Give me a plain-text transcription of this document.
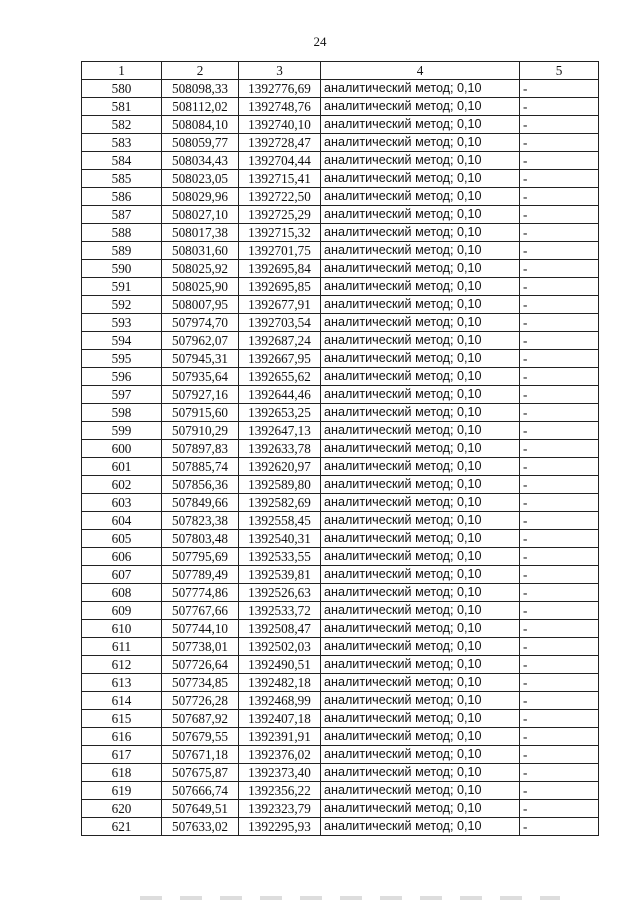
24
1	2	3	4	5
580	508098,33	1392776,69	аналитический метод; 0,10	-
581	508112,02	1392748,76	аналитический метод; 0,10	-
582	508084,10	1392740,10	аналитический метод; 0,10	-
583	508059,77	1392728,47	аналитический метод; 0,10	-
584	508034,43	1392704,44	аналитический метод; 0,10	-
585	508023,05	1392715,41	аналитический метод; 0,10	-
586	508029,96	1392722,50	аналитический метод; 0,10	-
587	508027,10	1392725,29	аналитический метод; 0,10	-
588	508017,38	1392715,32	аналитический метод; 0,10	-
589	508031,60	1392701,75	аналитический метод; 0,10	-
590	508025,92	1392695,84	аналитический метод; 0,10	-
591	508025,90	1392695,85	аналитический метод; 0,10	-
592	508007,95	1392677,91	аналитический метод; 0,10	-
593	507974,70	1392703,54	аналитический метод; 0,10	-
594	507962,07	1392687,24	аналитический метод; 0,10	-
595	507945,31	1392667,95	аналитический метод; 0,10	-
596	507935,64	1392655,62	аналитический метод; 0,10	-
597	507927,16	1392644,46	аналитический метод; 0,10	-
598	507915,60	1392653,25	аналитический метод; 0,10	-
599	507910,29	1392647,13	аналитический метод; 0,10	-
600	507897,83	1392633,78	аналитический метод; 0,10	-
601	507885,74	1392620,97	аналитический метод; 0,10	-
602	507856,36	1392589,80	аналитический метод; 0,10	-
603	507849,66	1392582,69	аналитический метод; 0,10	-
604	507823,38	1392558,45	аналитический метод; 0,10	-
605	507803,48	1392540,31	аналитический метод; 0,10	-
606	507795,69	1392533,55	аналитический метод; 0,10	-
607	507789,49	1392539,81	аналитический метод; 0,10	-
608	507774,86	1392526,63	аналитический метод; 0,10	-
609	507767,66	1392533,72	аналитический метод; 0,10	-
610	507744,10	1392508,47	аналитический метод; 0,10	-
611	507738,01	1392502,03	аналитический метод; 0,10	-
612	507726,64	1392490,51	аналитический метод; 0,10	-
613	507734,85	1392482,18	аналитический метод; 0,10	-
614	507726,28	1392468,99	аналитический метод; 0,10	-
615	507687,92	1392407,18	аналитический метод; 0,10	-
616	507679,55	1392391,91	аналитический метод; 0,10	-
617	507671,18	1392376,02	аналитический метод; 0,10	-
618	507675,87	1392373,40	аналитический метод; 0,10	-
619	507666,74	1392356,22	аналитический метод; 0,10	-
620	507649,51	1392323,79	аналитический метод; 0,10	-
621	507633,02	1392295,93	аналитический метод; 0,10	-
